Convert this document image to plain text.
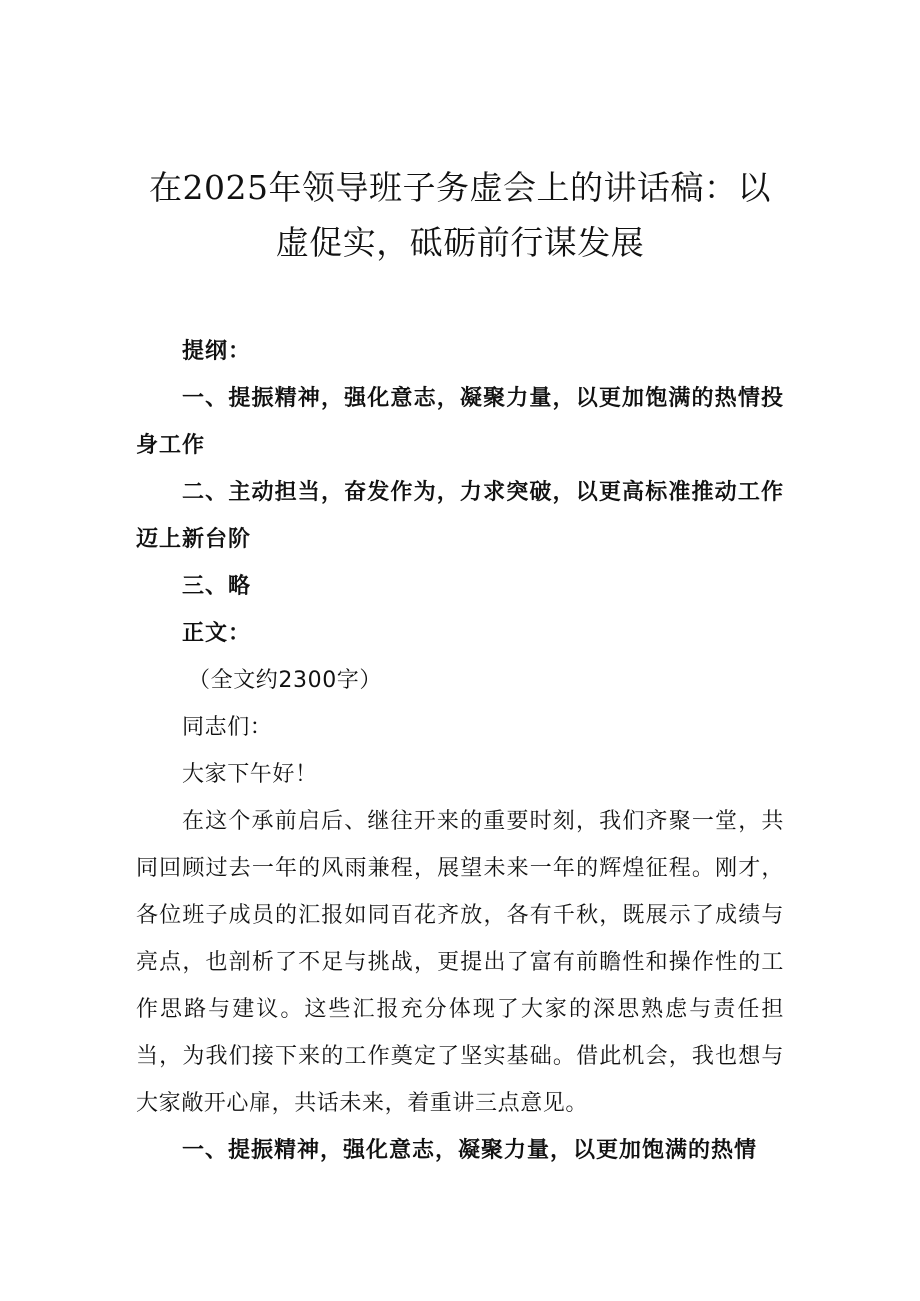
在2025年领导班子务虚会上的讲话稿：以
虚促实，砥砺前行谋发展

提纲：

一、提振精神，强化意志，凝聚力量，以更加饱满的热情投身工作

二、主动担当，奋发作为，力求突破，以更高标准推动工作迈上新台阶

三、略

正文：

（全文约2300字）

同志们：

大家下午好！

在这个承前启后、继往开来的重要时刻，我们齐聚一堂，共同回顾过去一年的风雨兼程，展望未来一年的辉煌征程。刚才，各位班子成员的汇报如同百花齐放，各有千秋，既展示了成绩与亮点，也剖析了不足与挑战，更提出了富有前瞻性和操作性的工作思路与建议。这些汇报充分体现了大家的深思熟虑与责任担当，为我们接下来的工作奠定了坚实基础。借此机会，我也想与大家敞开心扉，共话未来，着重讲三点意见。

一、提振精神，强化意志，凝聚力量，以更加饱满的热情
